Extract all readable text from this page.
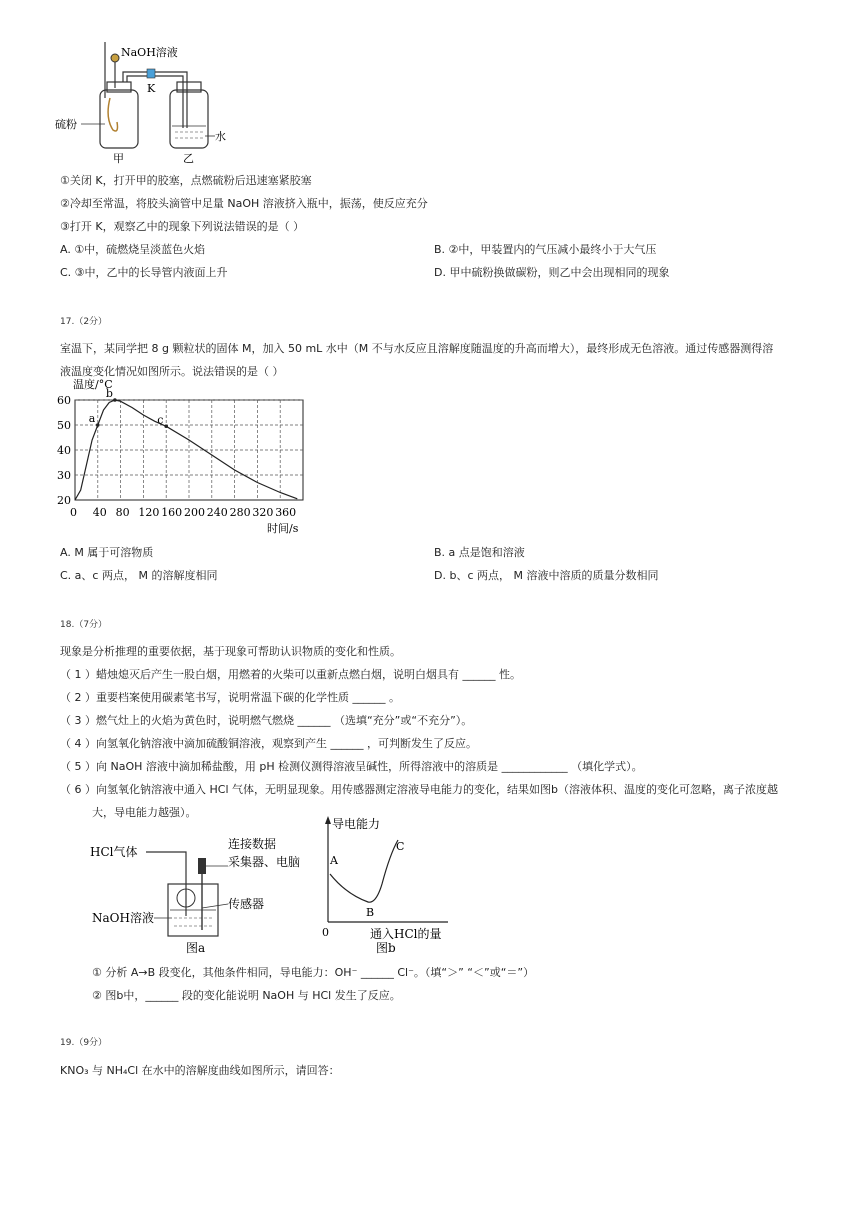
NaOH溶液
K
硫粉
水
甲	乙
①关闭 K，打开甲的胶塞，点燃硫粉后迅速塞紧胶塞
②冷却至常温，将胶头滴管中足量 NaOH 溶液挤入瓶中，振荡，使反应充分
③打开 K，观察乙中的现象下列说法错误的是（ ）
A. ①中，硫燃烧呈淡蓝色火焰	B. ②中，甲装置内的气压减小最终小于大气压
C. ③中，乙中的长导管内液面上升	D. 甲中硫粉换做碳粉，则乙中会出现相同的现象
17.（2分）
室温下，某同学把 8 g 颗粒状的固体 M，加入 50 mL 水中（M 不与水反应且溶解度随温度的升高而增大），最终形成无色溶液。通过传感器测得溶
液温度变化情况如图所示。说法错误的是（ ）
0 40 80 120 160 200 240 280 320 360
20
30
40
50
60
a
b
c
温度/°C
时间/s
A. M 属于可溶物质	B. a 点是饱和溶液
C. a、c 两点， M 的溶解度相同	D. b、c 两点， M 溶液中溶质的质量分数相同
18.（7分）
现象是分析推理的重要依据，基于现象可帮助认识物质的变化和性质。
（ 1 ）蜡烛熄灭后产生一股白烟，用燃着的火柴可以重新点燃白烟，说明白烟具有 ______ 性。
（ 2 ）重要档案使用碳素笔书写，说明常温下碳的化学性质 ______ 。
（ 3 ）燃气灶上的火焰为黄色时，说明燃气燃烧 ______ （选填“充分”或“不充分”）。
（ 4 ）向氢氧化钠溶液中滴加硫酸铜溶液，观察到产生 ______ ，可判断发生了反应。
（ 5 ）向 NaOH 溶液中滴加稀盐酸，用 pH 检测仪测得溶液呈碱性，所得溶液中的溶质是 ____________ （填化学式）。
（ 6 ）向氢氧化钠溶液中通入 HCl 气体，无明显现象。用传感器测定溶液导电能力的变化，结果如图b（溶液体积、温度的变化可忽略，离子浓度越
大，导电能力越强）。
HCl气体
连接数据
采集器、电脑
传感器
NaOH溶液
图a
导电能力
A
C
B
0	通入HCl的量
图b
① 分析 A→B 段变化，其他条件相同，导电能力：OH⁻ ______ Cl⁻。（填“＞” “＜”或“＝”）
② 图b中，______ 段的变化能说明 NaOH 与 HCl 发生了反应。
19.（9分）
KNO₃ 与 NH₄Cl 在水中的溶解度曲线如图所示，请回答：
